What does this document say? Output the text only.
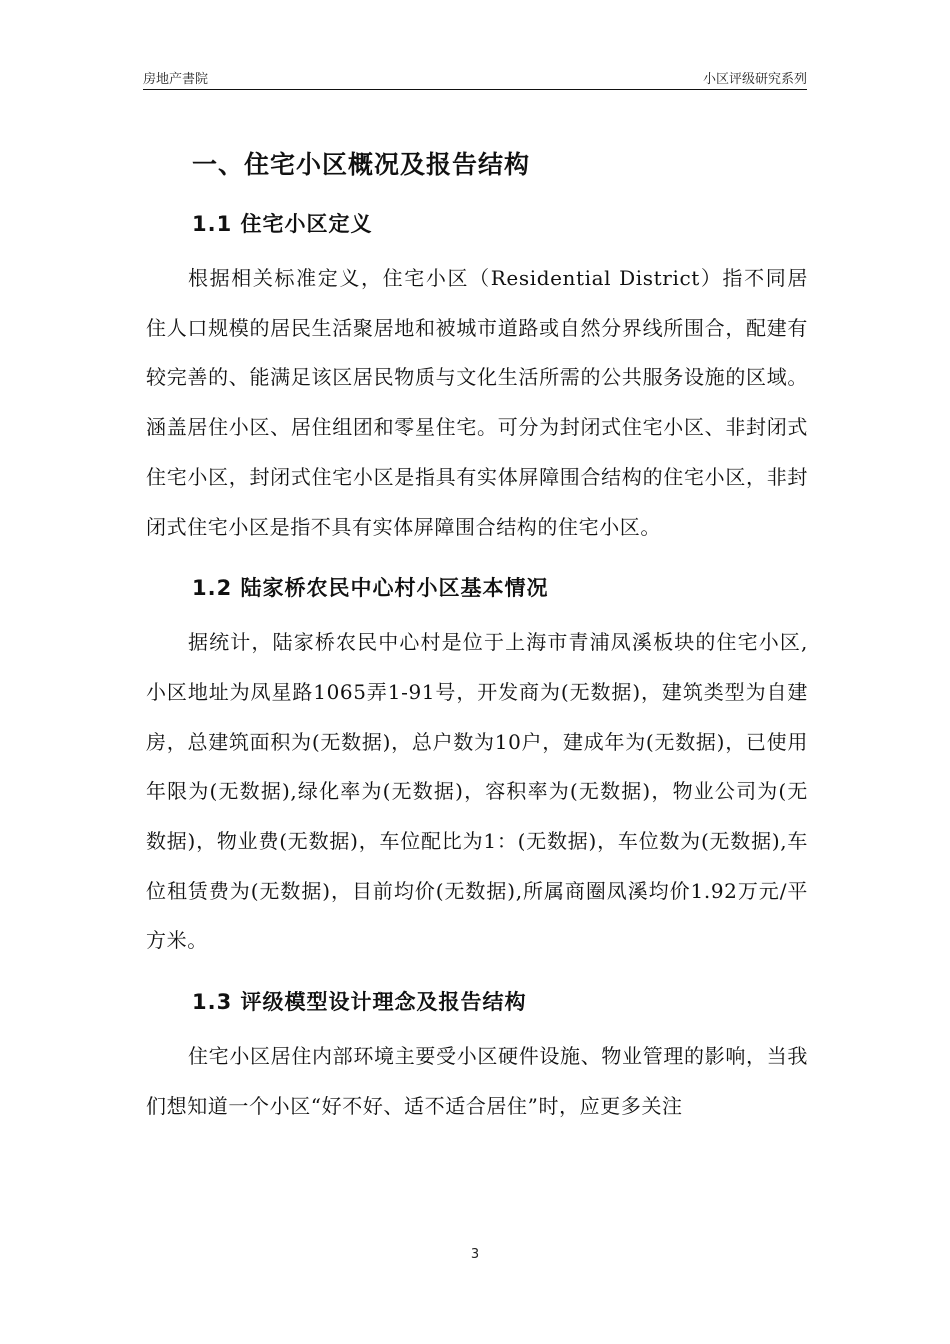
房地产書院	小区评级研究系列
一、住宅小区概况及报告结构
1.1 住宅小区定义

根据相关标准定义，住宅小区（Residential District）指不同居住人口规模的居民生活聚居地和被城市道路或自然分界线所围合，配建有较完善的、能满足该区居民物质与文化生活所需的公共服务设施的区域。涵盖居住小区、居住组团和零星住宅。可分为封闭式住宅小区、非封闭式住宅小区，封闭式住宅小区是指具有实体屏障围合结构的住宅小区，非封闭式住宅小区是指不具有实体屏障围合结构的住宅小区。

1.2 陆家桥农民中心村小区基本情况

据统计，陆家桥农民中心村是位于上海市青浦凤溪板块的住宅小区,小区地址为凤星路1065弄1-91号，开发商为(无数据)，建筑类型为自建房，总建筑面积为(无数据)，总户数为10户，建成年为(无数据)，已使用年限为(无数据),绿化率为(无数据)，容积率为(无数据)，物业公司为(无数据)，物业费(无数据)，车位配比为1：(无数据)，车位数为(无数据),车位租赁费为(无数据)，目前均价(无数据),所属商圈凤溪均价1.92万元/平方米。

1.3 评级模型设计理念及报告结构

住宅小区居住内部环境主要受小区硬件设施、物业管理的影响，当我们想知道一个小区“好不好、适不适合居住”时，应更多关注

3
